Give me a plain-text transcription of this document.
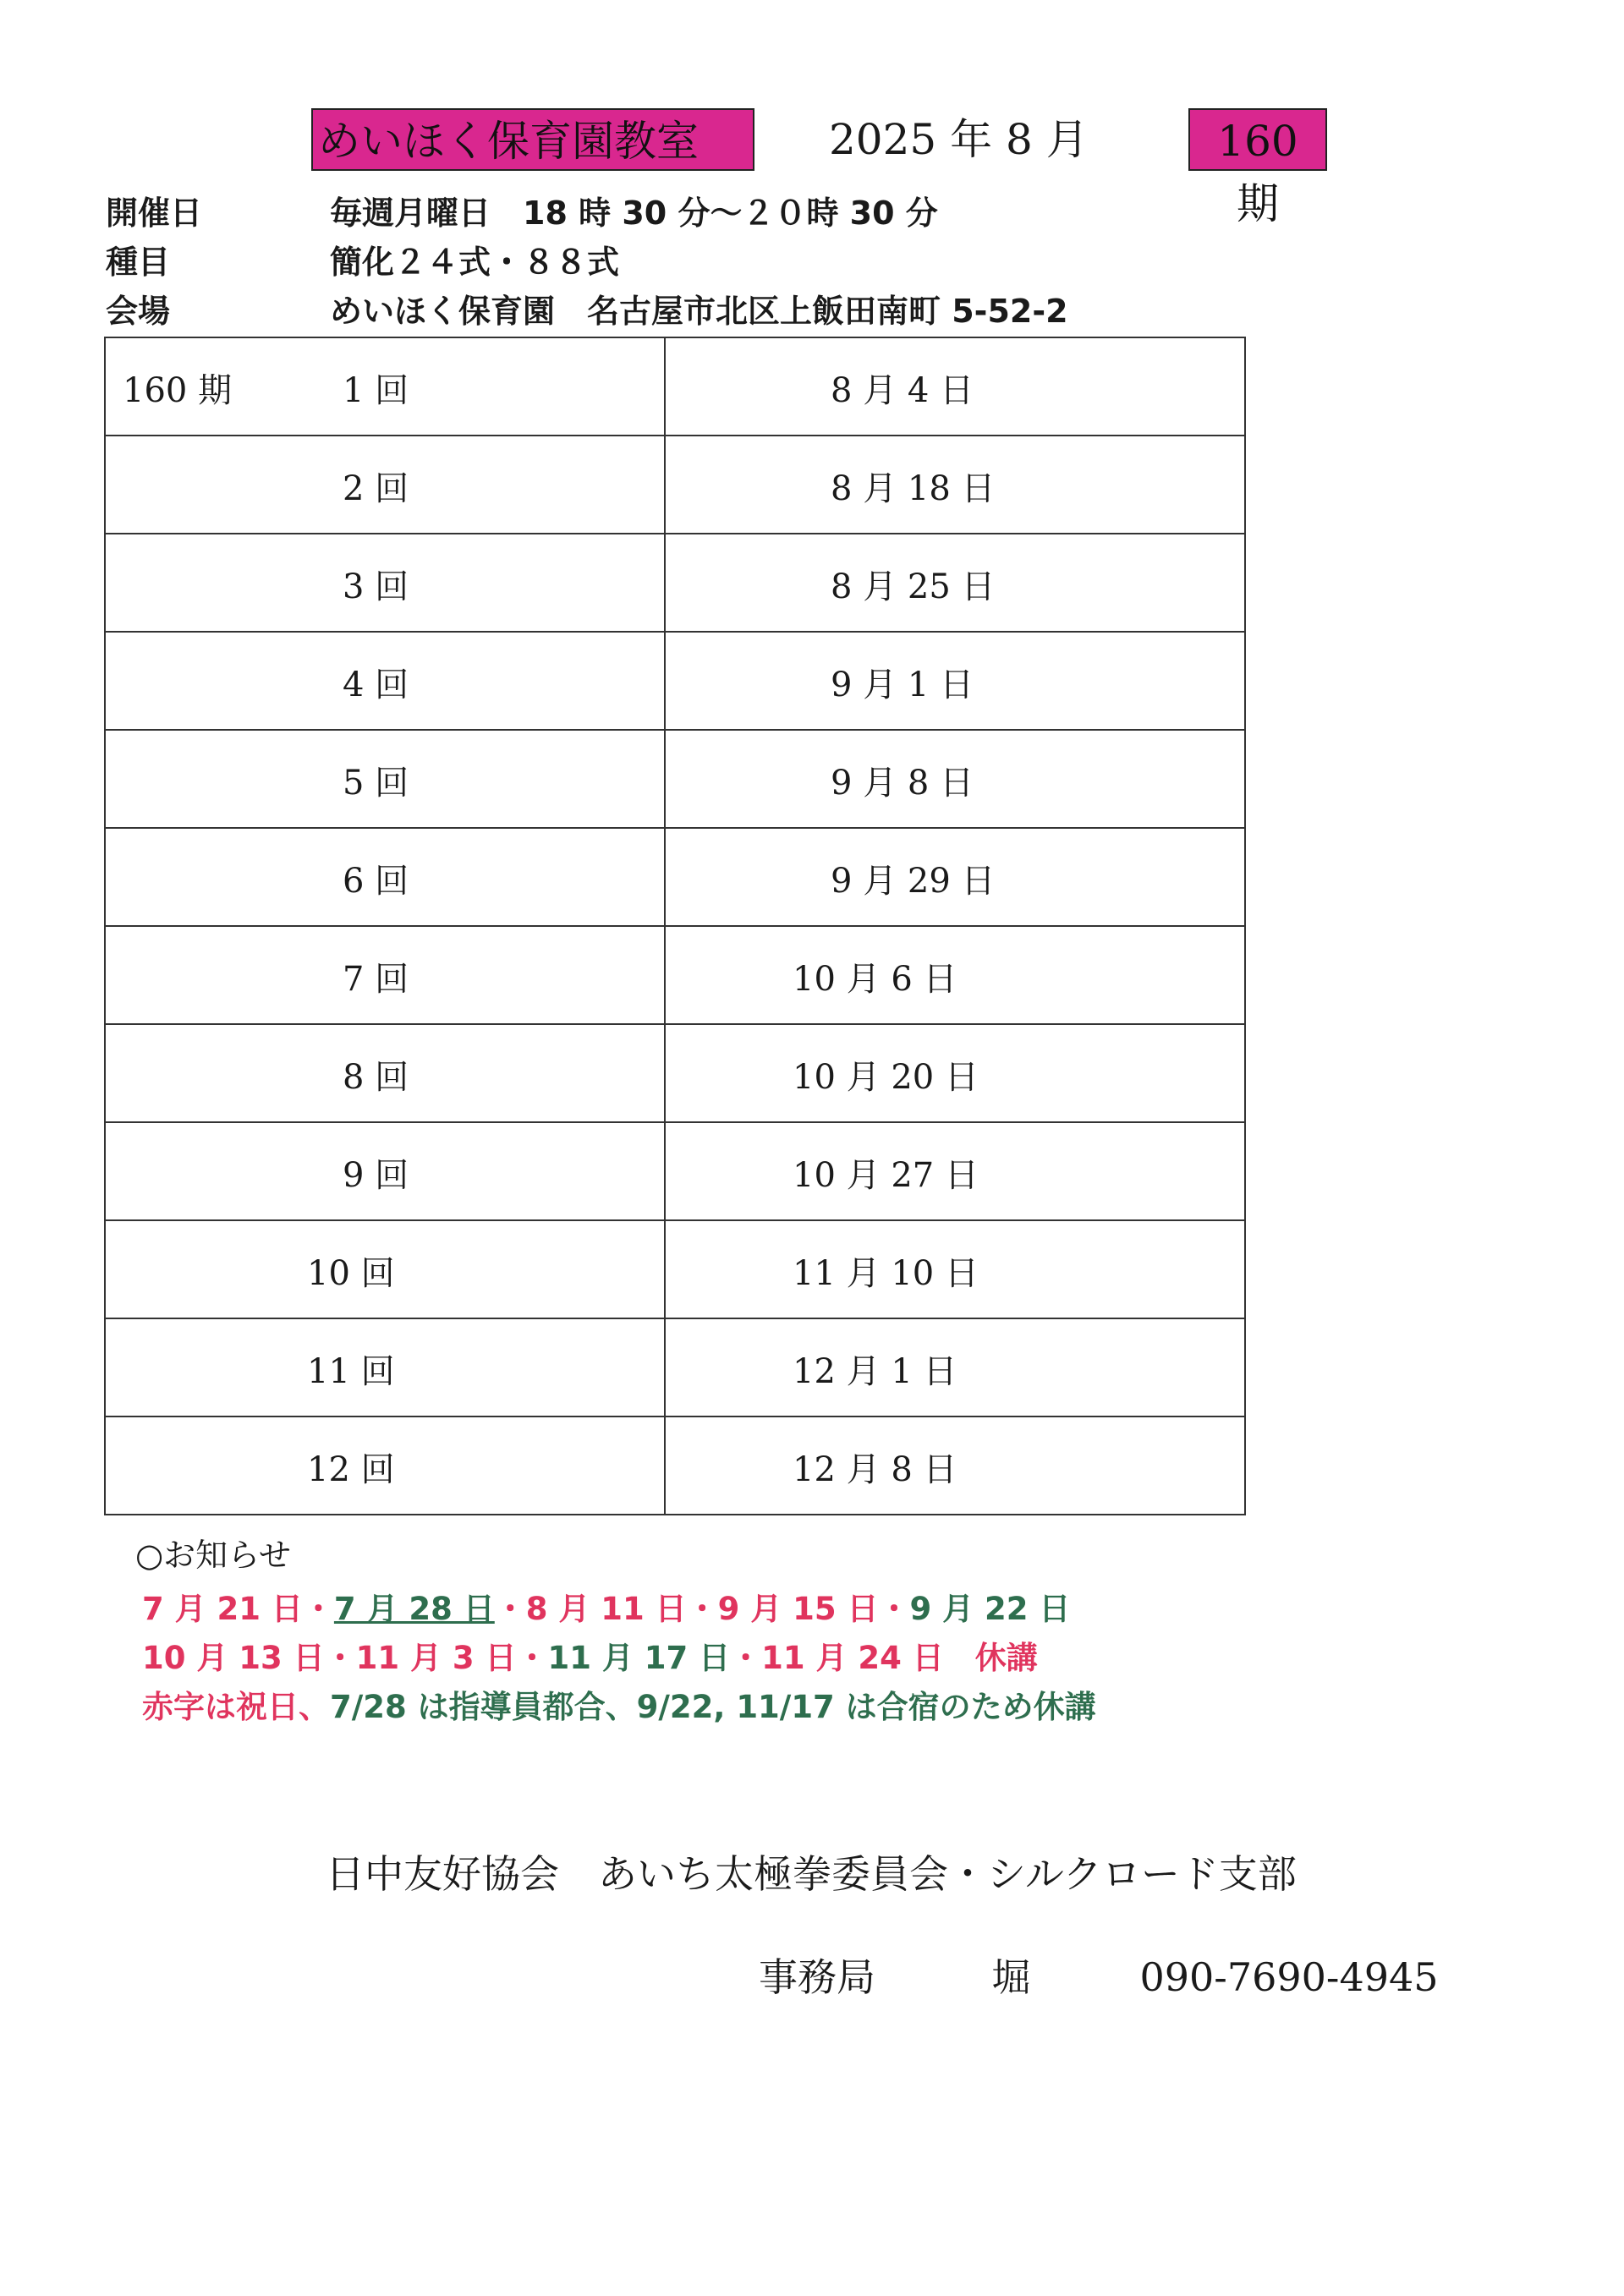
めいほく保育園教室	2025 年 8 月	160 期
開催日	毎週月曜日　18 時 30 分～２０時 30 分
種目	簡化２４式・８８式
会場	めいほく保育園　名古屋市北区上飯田南町 5-52-2
160 期 1 回	8 月 4 日

2 回	8 月 18 日

3 回	8 月 25 日

4 回	9 月 1 日

5 回	9 月 8 日

6 回	9 月 29 日

7 回	10 月 6 日

8 回	10 月 20 日

9 回	10 月 27 日

10 回	11 月 10 日

11 回	12 月 1 日

12 回	12 月 8 日
○お知らせ
7 月 21 日・7 月 28 日・8 月 11 日・9 月 15 日・9 月 22 日
10 月 13 日・11 月 3 日・11 月 17 日・11 月 24 日　休講
赤字は祝日、7/28 は指導員都合、9/22, 11/17 は合宿のため休講
日中友好協会　あいち太極拳委員会・シルクロード支部
事務局	堀	090-7690-4945
